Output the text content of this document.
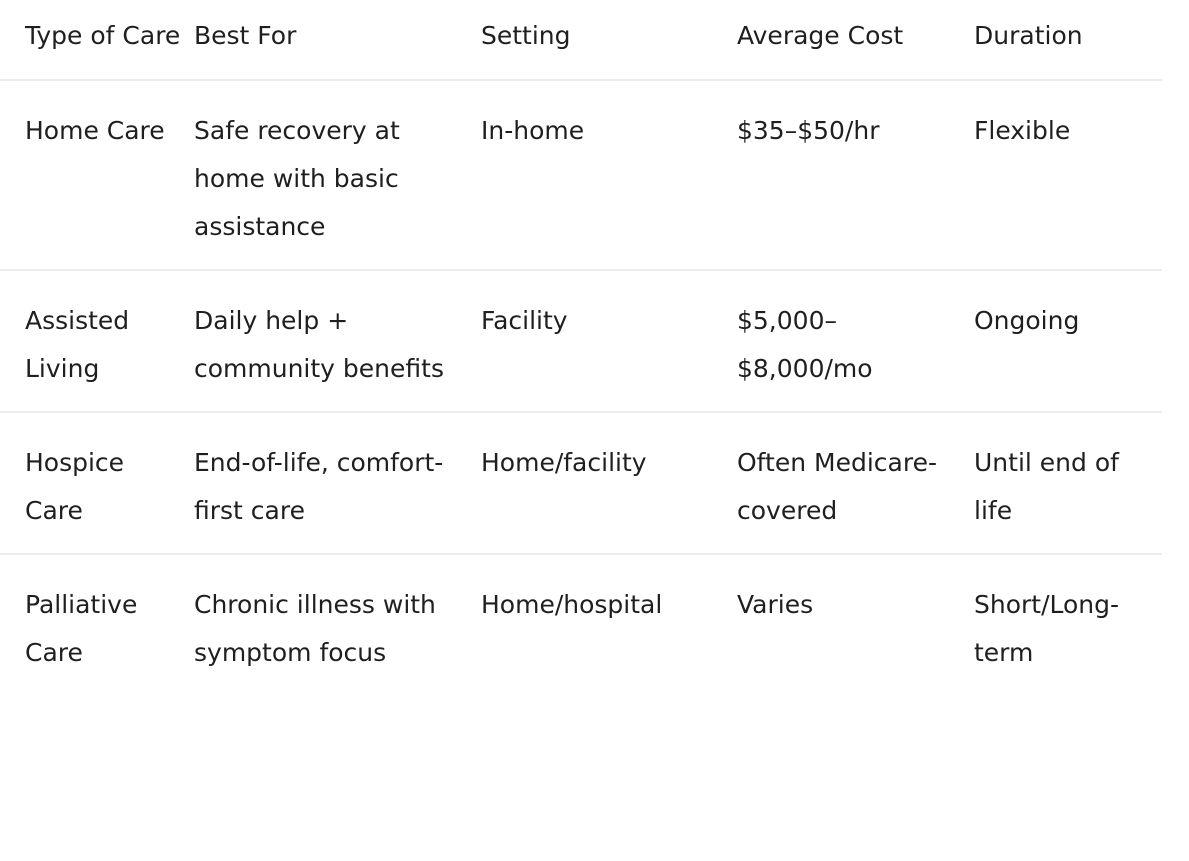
Type of Care	Best For	Setting	Average Cost	Duration
Home Care	Safe recovery at home with basic assistance	In-home	$35–$50/hr	Flexible
Assisted Living	Daily help + community benefits	Facility	$5,000–$8,000/mo	Ongoing
Hospice Care	End-of-life, comfort-first care	Home/facility	Often Medicare-covered	Until end of life
Palliative Care	Chronic illness with symptom focus	Home/hospital	Varies	Short/Long-term
